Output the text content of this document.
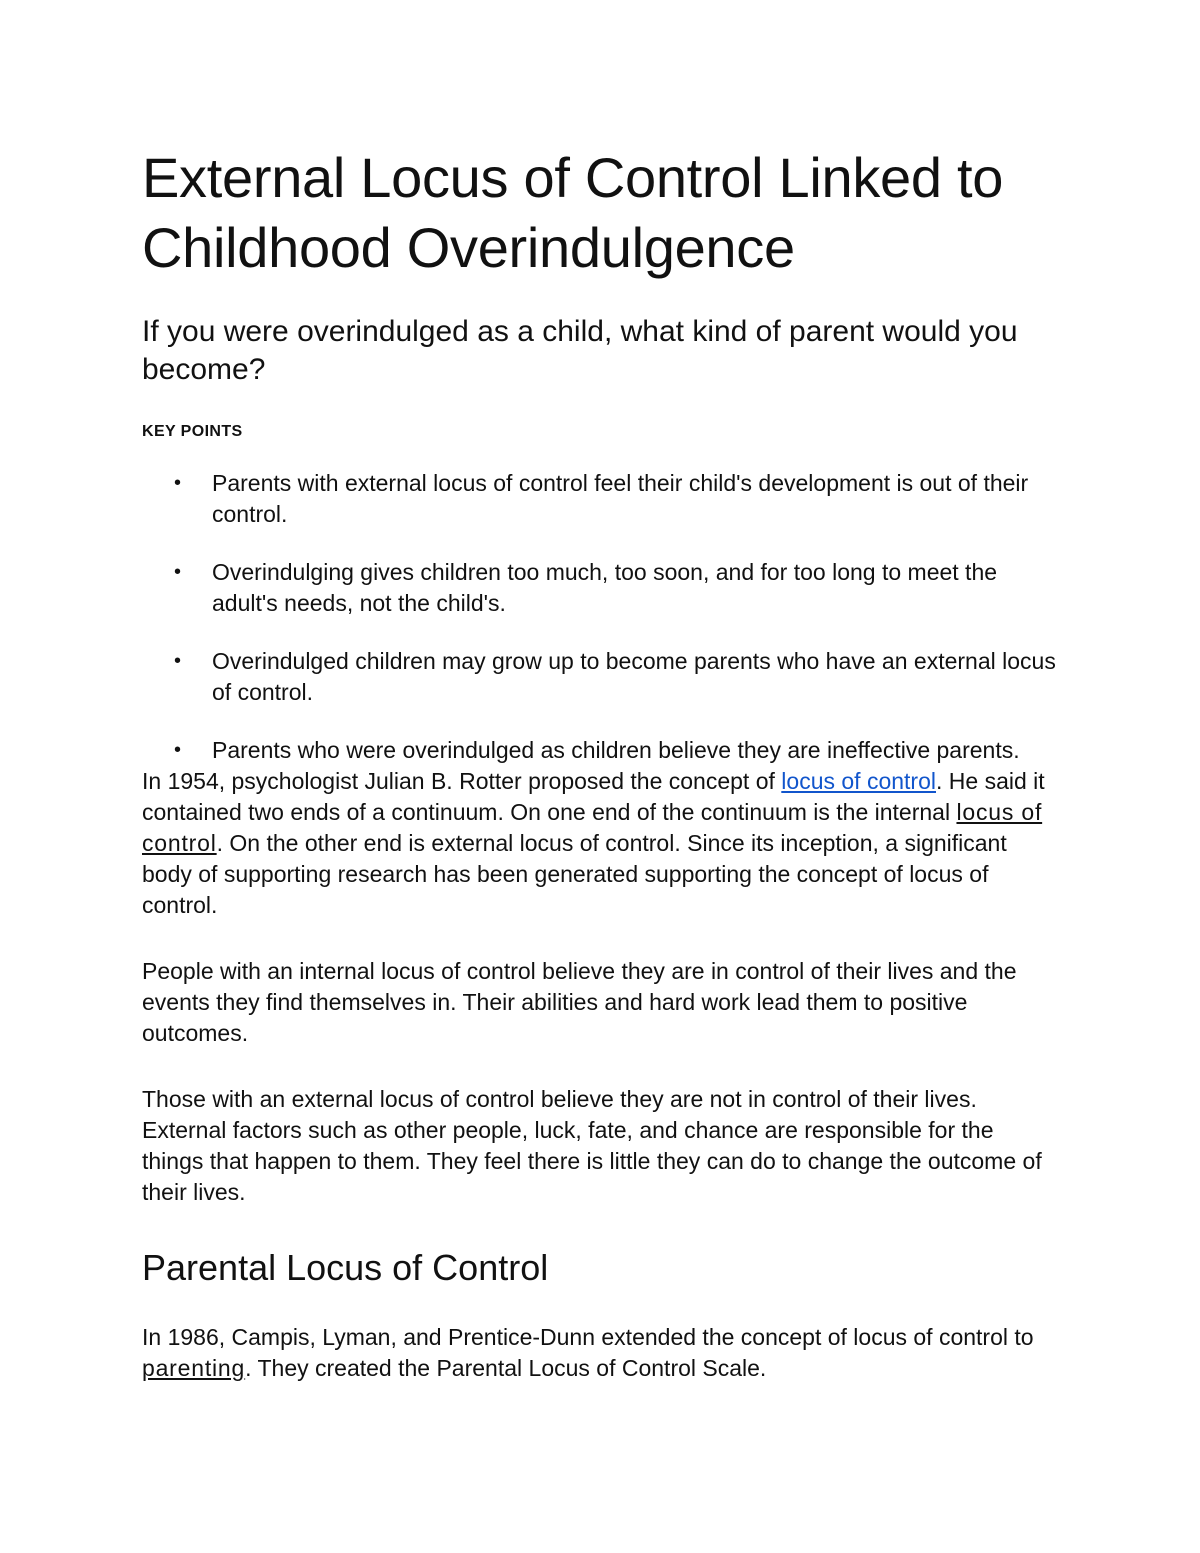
External Locus of Control Linked to Childhood Overindulgence
If you were overindulged as a child, what kind of parent would you become?
KEY POINTS
• Parents with external locus of control feel their child's development is out of their control.
• Overindulging gives children too much, too soon, and for too long to meet the adult's needs, not the child's.
• Overindulged children may grow up to become parents who have an external locus of control.
• Parents who were overindulged as children believe they are ineffective parents.

In 1954, psychologist Julian B. Rotter proposed the concept of locus of control. He said it contained two ends of a continuum. On one end of the continuum is the internal locus of control. On the other end is external locus of control. Since its inception, a significant body of supporting research has been generated supporting the concept of locus of control.

People with an internal locus of control believe they are in control of their lives and the events they find themselves in. Their abilities and hard work lead them to positive outcomes.

Those with an external locus of control believe they are not in control of their lives. External factors such as other people, luck, fate, and chance are responsible for the things that happen to them. They feel there is little they can do to change the outcome of their lives.

Parental Locus of Control

In 1986, Campis, Lyman, and Prentice-Dunn extended the concept of locus of control to parenting. They created the Parental Locus of Control Scale.
